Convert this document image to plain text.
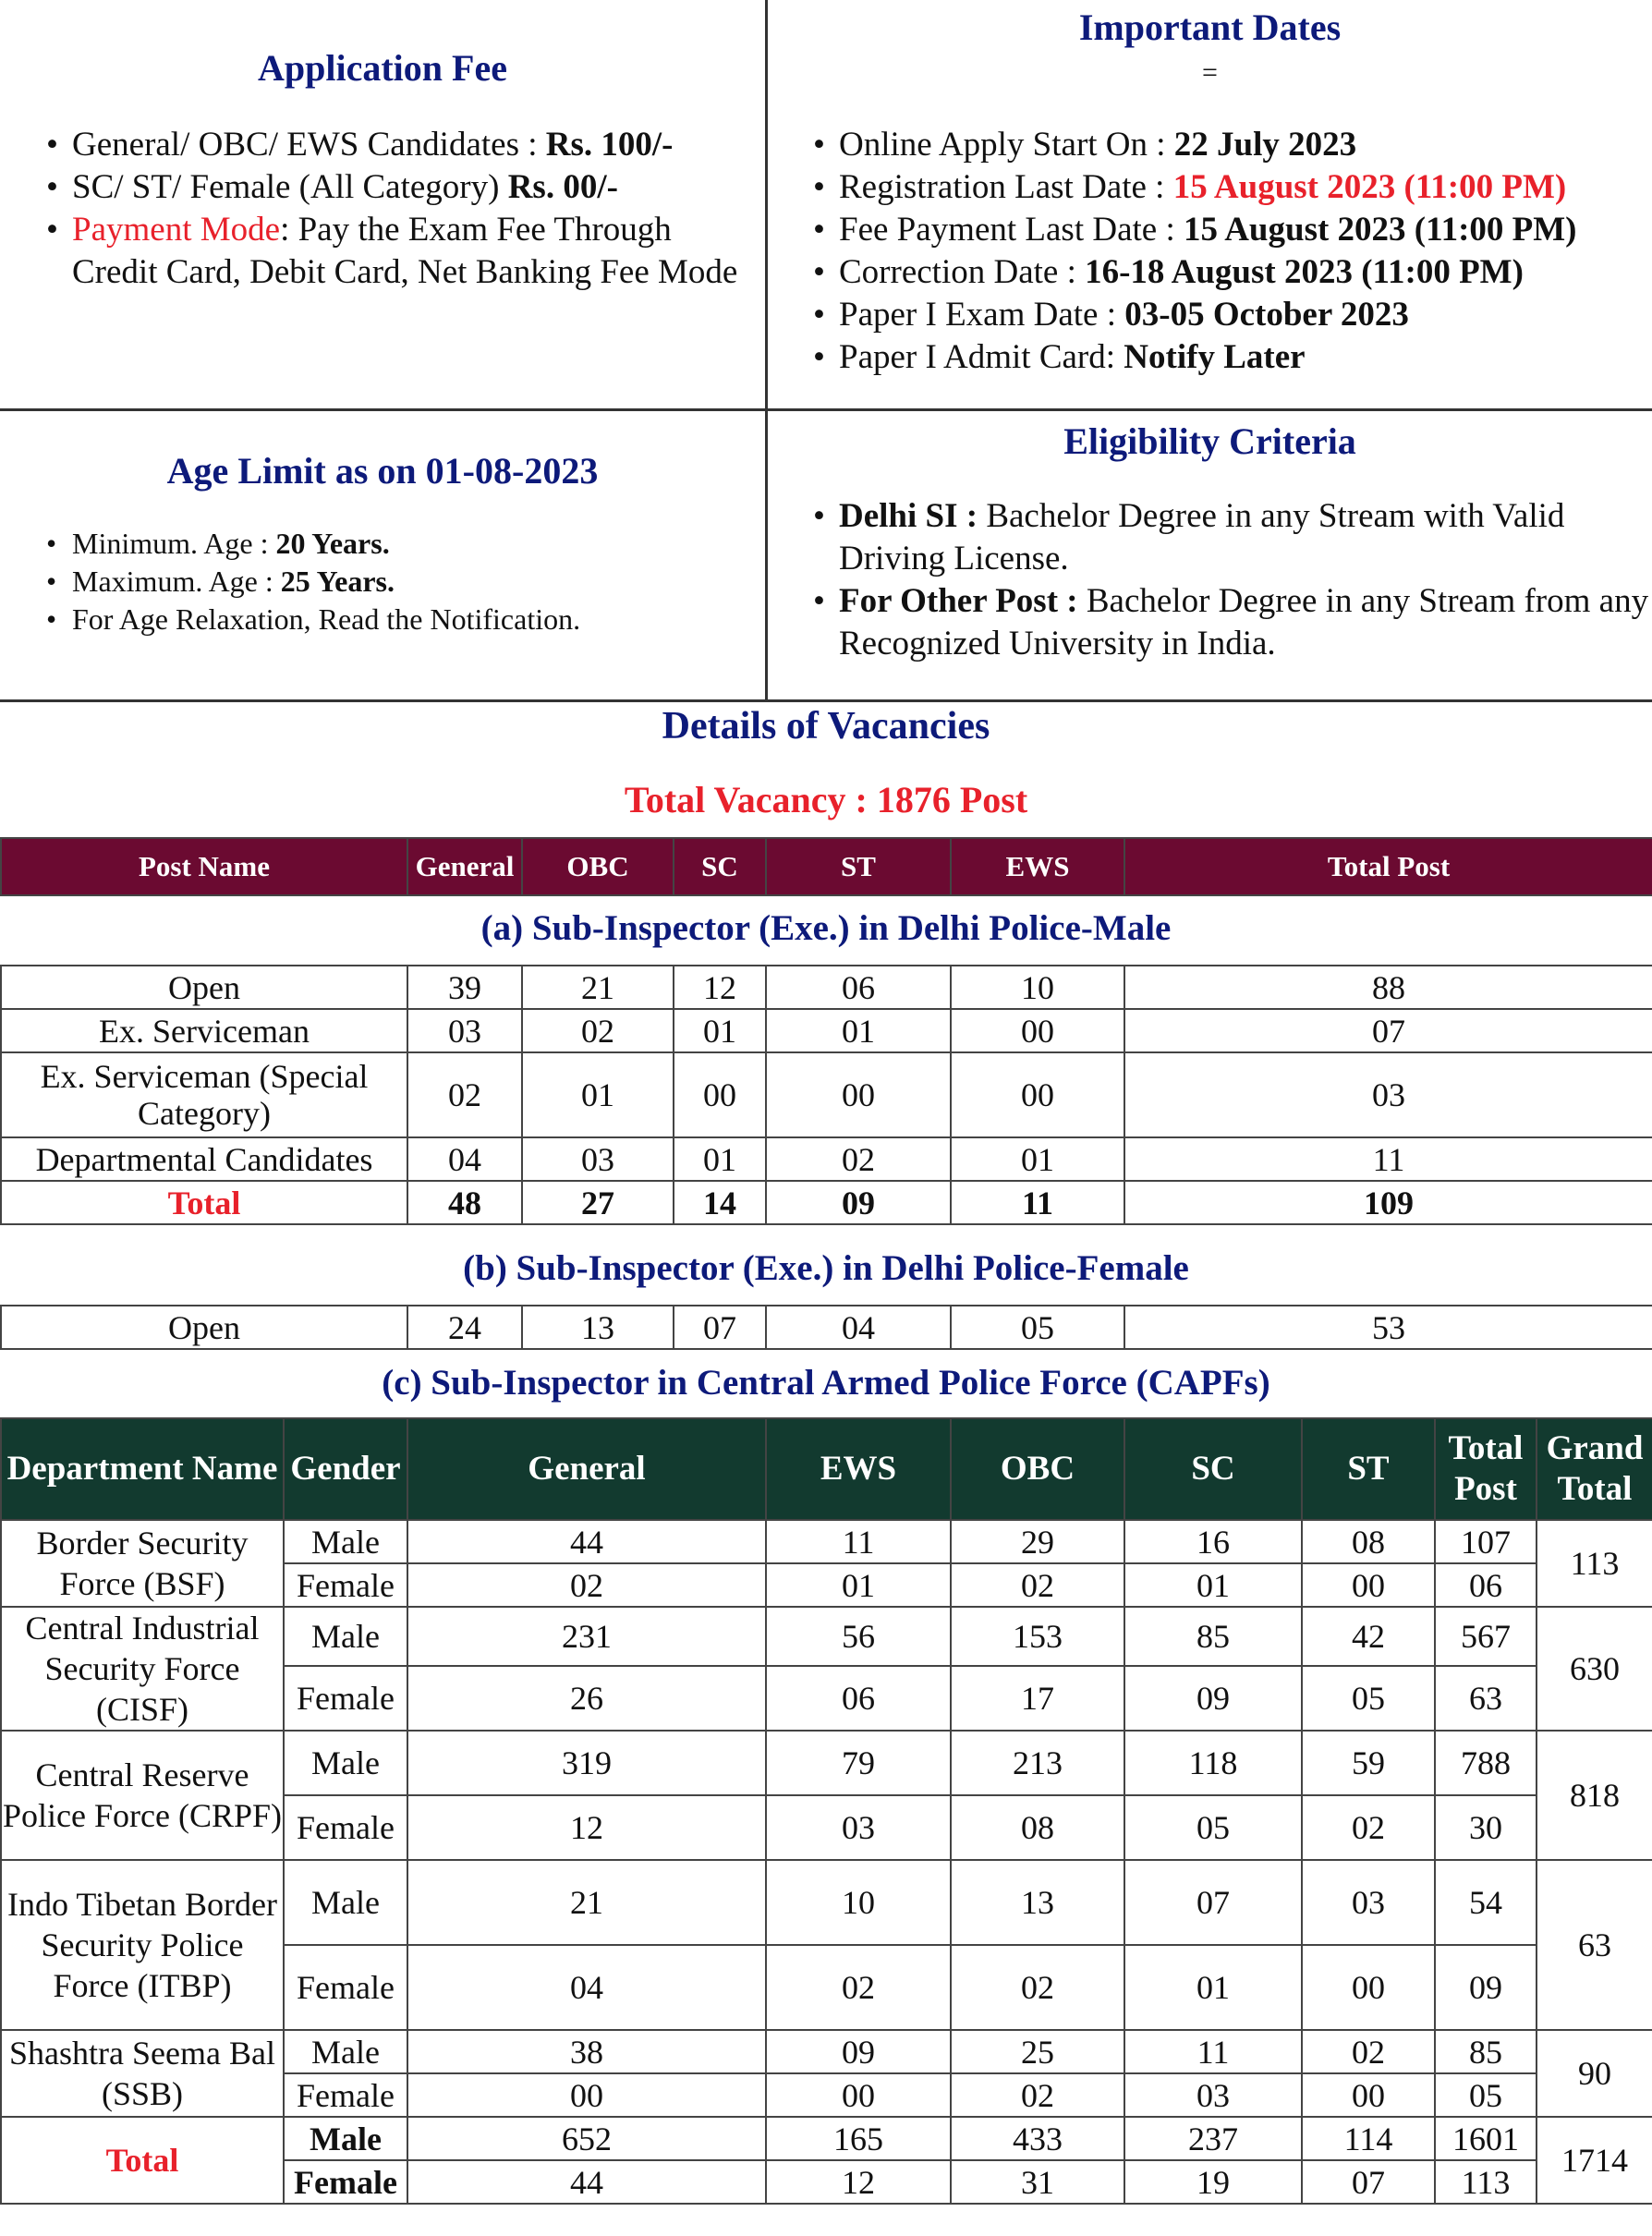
Application Fee
• General/ OBC/ EWS Candidates : Rs. 100/-
• SC/ ST/ Female (All Category) Rs. 00/-
• Payment Mode: Pay the Exam Fee Through Credit Card, Debit Card, Net Banking Fee Mode
Important Dates
=
• Online Apply Start On : 22 July 2023
• Registration Last Date : 15 August 2023 (11:00 PM)
• Fee Payment Last Date : 15 August 2023 (11:00 PM)
• Correction Date : 16-18 August 2023 (11:00 PM)
• Paper I Exam Date : 03-05 October 2023
• Paper I Admit Card: Notify Later
Age Limit as on 01-08-2023
• Minimum. Age : 20 Years.
• Maximum. Age : 25 Years.
• For Age Relaxation, Read the Notification.
Eligibility Criteria
• Delhi SI : Bachelor Degree in any Stream with Valid Driving License.
• For Other Post : Bachelor Degree in any Stream from any Recognized University in India.
Details of Vacancies
Total Vacancy : 1876 Post
Post Name	General	OBC	SC	ST	EWS	Total Post
(a) Sub-Inspector (Exe.) in Delhi Police-Male
Open	39	21	12	06	10	88
Ex. Serviceman	03	02	01	01	00	07
Ex. Serviceman (Special Category)	02	01	00	00	00	03
Departmental Candidates	04	03	01	02	01	11
Total	48	27	14	09	11	109
(b) Sub-Inspector (Exe.) in Delhi Police-Female
Open	24	13	07	04	05	53
(c) Sub-Inspector in Central Armed Police Force (CAPFs)
Department Name	Gender	General	EWS	OBC	SC	ST	Total Post	Grand Total
Border Security Force (BSF)	Male	44	11	29	16	08	107	113
	Female	02	01	02	01	00	06	
Central Industrial Security Force (CISF)	Male	231	56	153	85	42	567	630
	Female	26	06	17	09	05	63	
Central Reserve Police Force (CRPF)	Male	319	79	213	118	59	788	818
	Female	12	03	08	05	02	30	
Indo Tibetan Border Security Police Force (ITBP)	Male	21	10	13	07	03	54	63
	Female	04	02	02	01	00	09	
Shashtra Seema Bal (SSB)	Male	38	09	25	11	02	85	90
	Female	00	00	02	03	00	05	
Total	Male	652	165	433	237	114	1601	1714
	Female	44	12	31	19	07	113	
